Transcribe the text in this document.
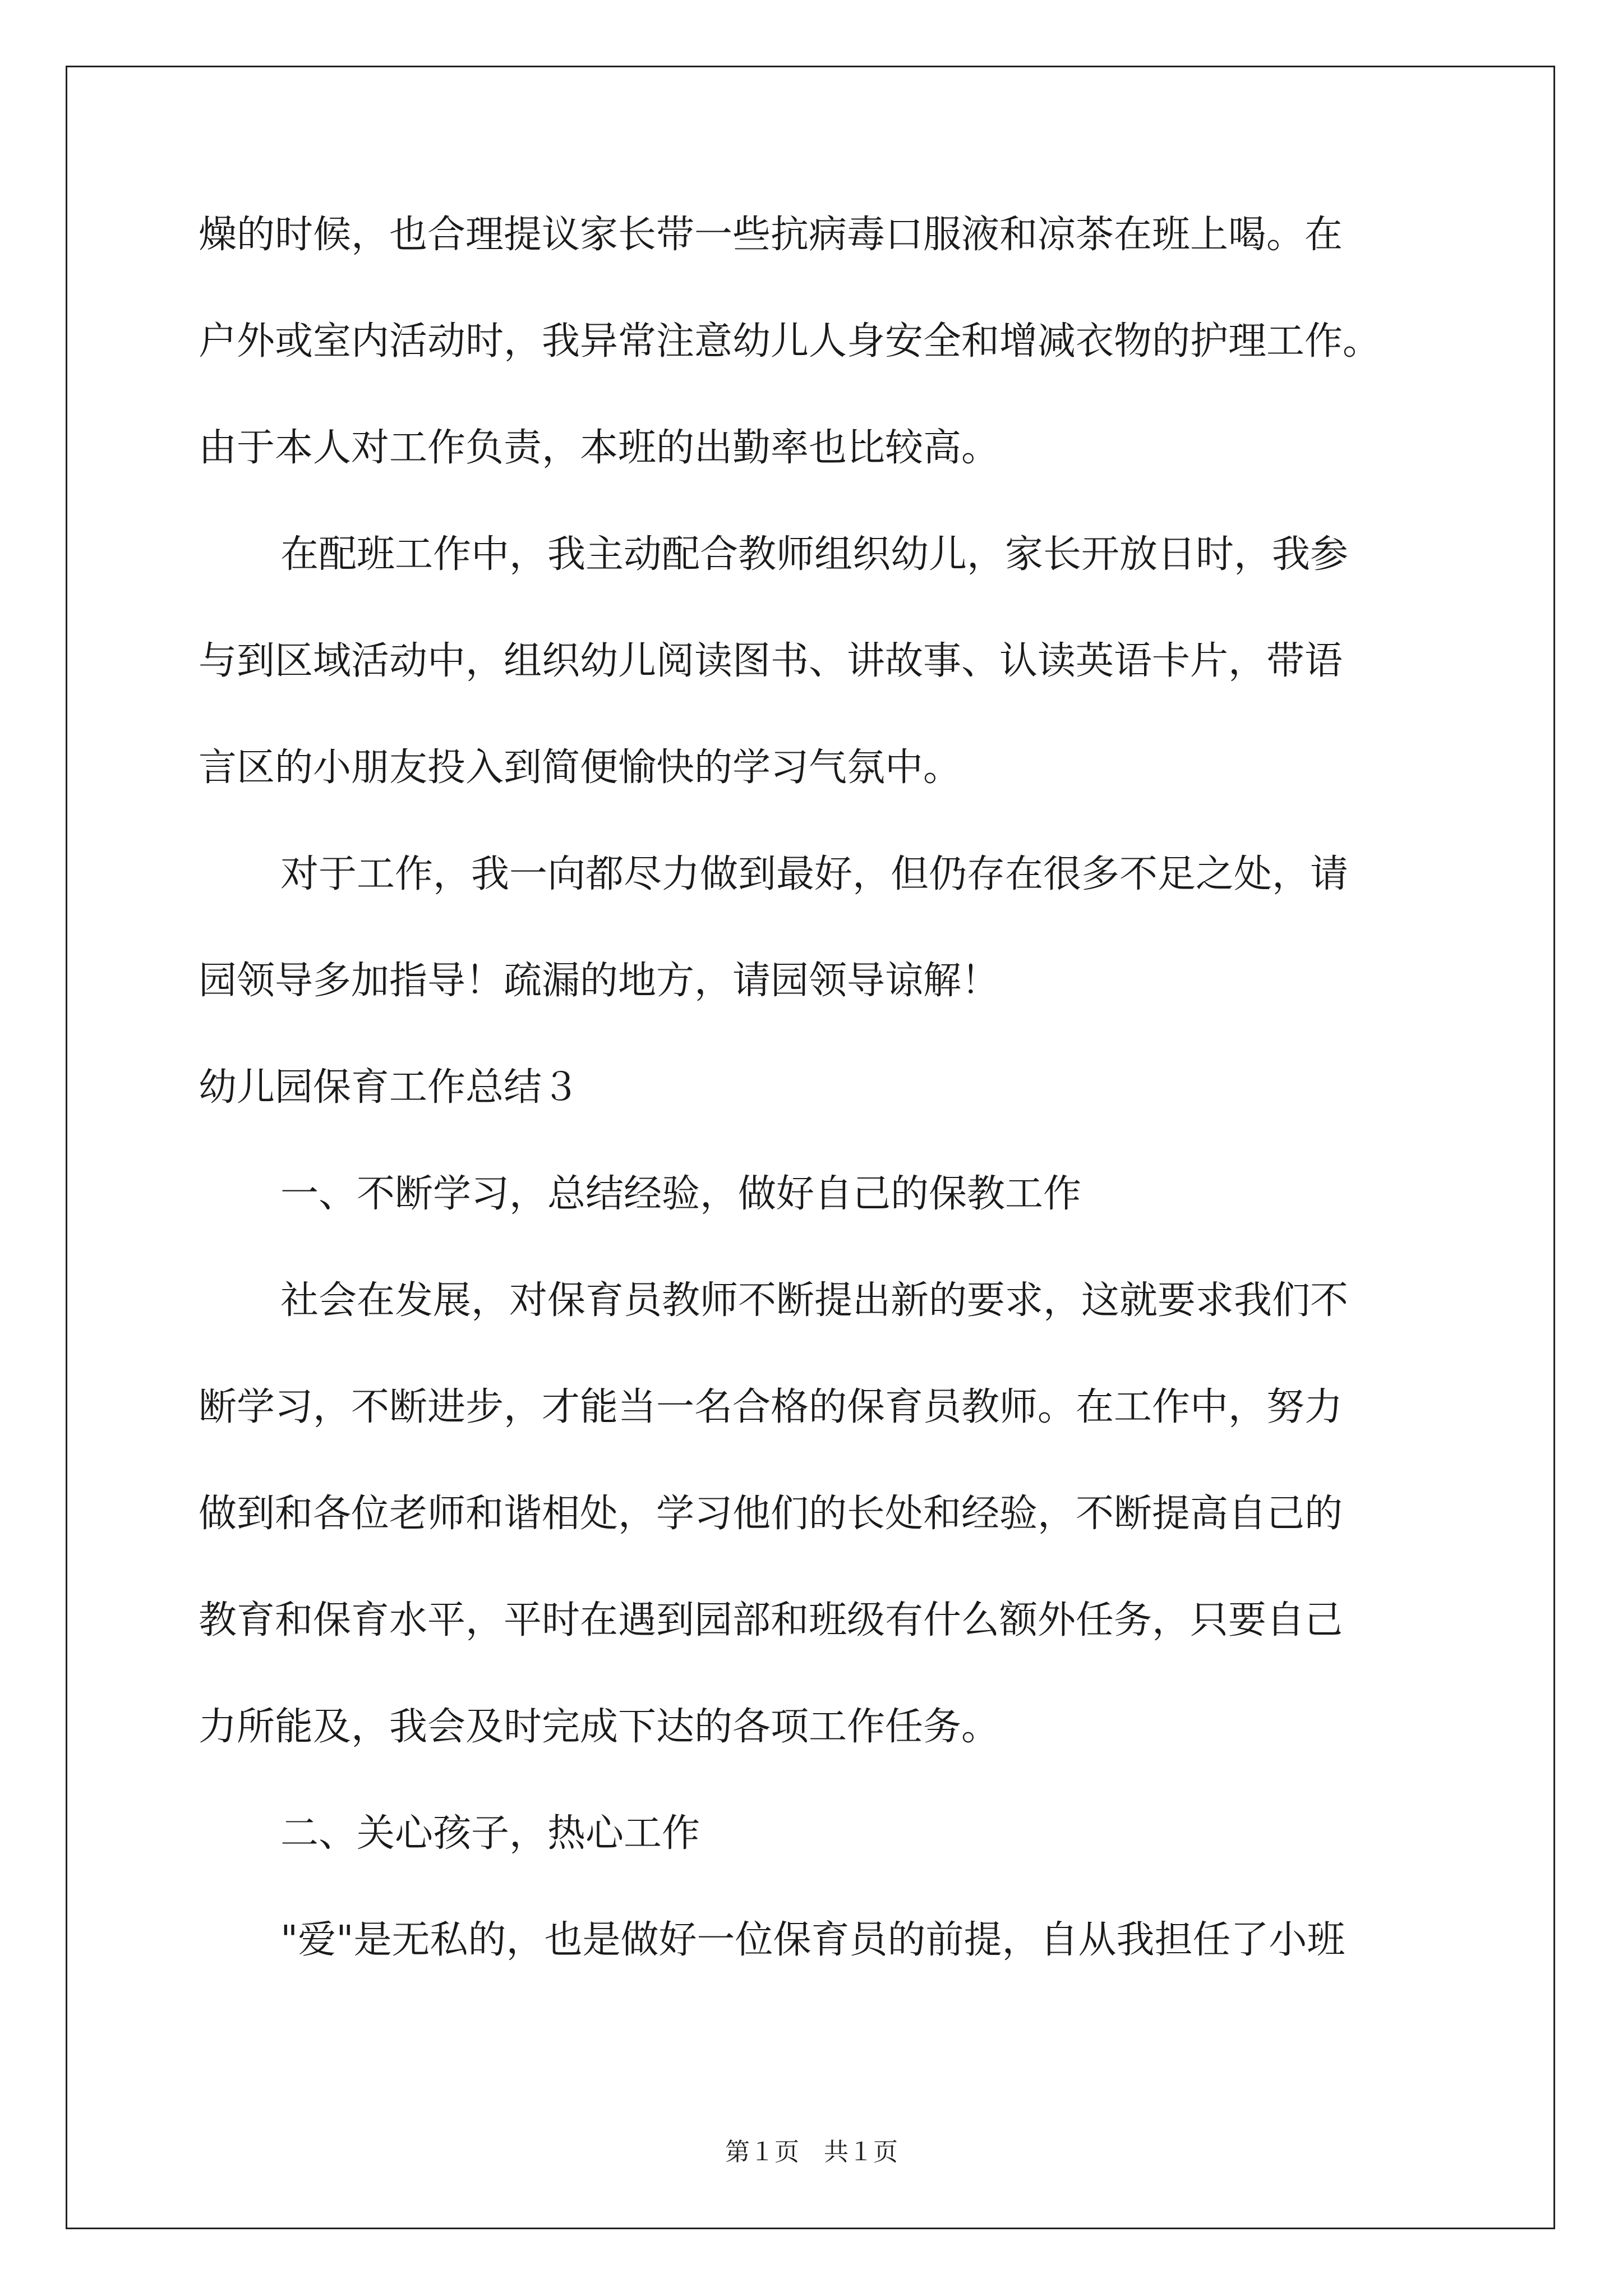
燥的时候，也合理提议家长带一些抗病毒口服液和凉茶在班上喝。在
户外或室内活动时，我异常注意幼儿人身安全和增减衣物的护理工作。
由于本人对工作负责，本班的出勤率也比较高。
在配班工作中，我主动配合教师组织幼儿，家长开放日时，我参
与到区域活动中，组织幼儿阅读图书、讲故事、认读英语卡片，带语
言区的小朋友投入到简便愉快的学习气氛中。
对于工作，我一向都尽力做到最好，但仍存在很多不足之处，请
园领导多加指导！疏漏的地方，请园领导谅解！
幼儿园保育工作总结３
一、不断学习，总结经验，做好自己的保教工作
社会在发展，对保育员教师不断提出新的要求，这就要求我们不
断学习，不断进步，才能当一名合格的保育员教师。在工作中，努力
做到和各位老师和谐相处，学习他们的长处和经验，不断提高自己的
教育和保育水平，平时在遇到园部和班级有什么额外任务，只要自己
力所能及，我会及时完成下达的各项工作任务。
二、关心孩子，热心工作
"爱"是无私的，也是做好一位保育员的前提，自从我担任了小班
第１页　共１页
